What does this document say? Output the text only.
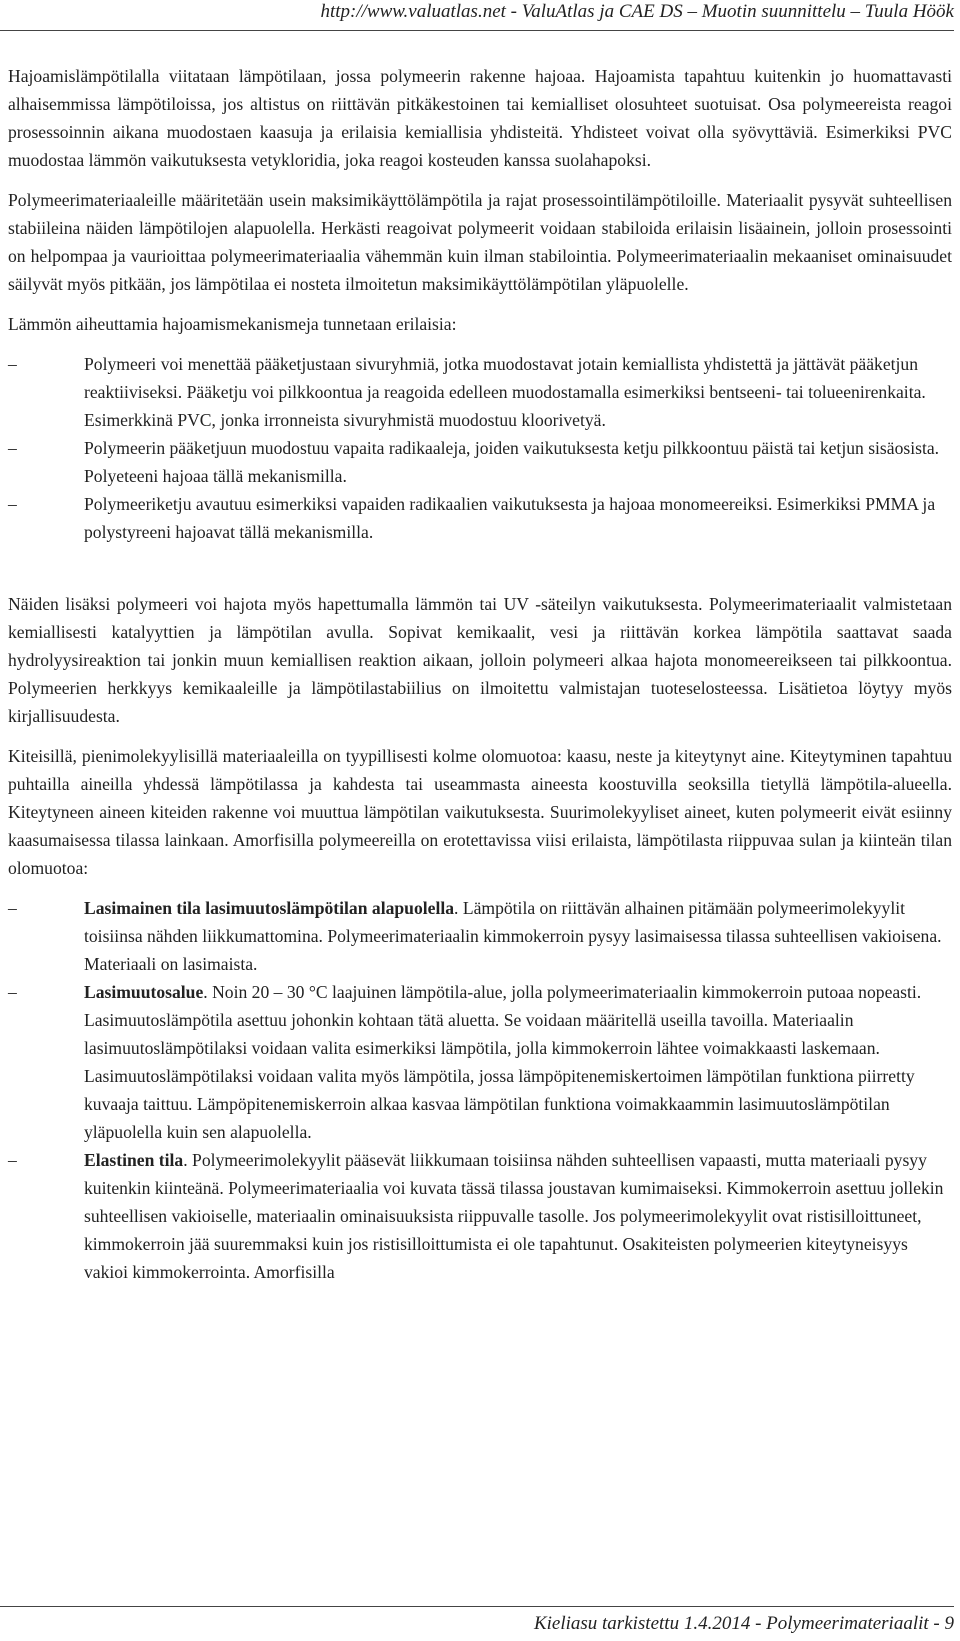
http://www.valuatlas.net - ValuAtlas ja CAE DS – Muotin suunnittelu – Tuula Höök

Hajoamislämpötilalla viitataan lämpötilaan, jossa polymeerin rakenne hajoaa. Hajoamista tapahtuu kuitenkin jo huomattavasti alhaisemmissa lämpötiloissa, jos altistus on riittävän pitkäkestoinen tai kemialliset olosuhteet suotuisat. Osa polymeereista reagoi prosessoinnin aikana muodostaen kaasuja ja erilaisia kemiallisia yhdisteitä. Yhdisteet voivat olla syövyttäviä. Esimerkiksi PVC muodostaa lämmön vaikutuksesta vetykloridia, joka reagoi kosteuden kanssa suolahapoksi.

Polymeerimateriaaleille määritetään usein maksimikäyttölämpötila ja rajat prosessointilämpötiloille. Materiaalit pysyvät suhteellisen stabiileina näiden lämpötilojen alapuolella. Herkästi reagoivat polymeerit voidaan stabiloida erilaisin lisäainein, jolloin prosessointi on helpompaa ja vaurioittaa polymeerimateriaalia vähemmän kuin ilman stabilointia. Polymeerimateriaalin mekaaniset ominaisuudet säilyvät myös pitkään, jos lämpötilaa ei nosteta ilmoitetun maksimikäyttölämpötilan yläpuolelle.

Lämmön aiheuttamia hajoamismekanismeja tunnetaan erilaisia:

– Polymeeri voi menettää pääketjustaan sivuryhmiä, jotka muodostavat jotain kemiallista yhdistettä ja jättävät pääketjun reaktiiviseksi. Pääketju voi pilkkoontua ja reagoida edelleen muodostamalla esimerkiksi bentseeni- tai tolueenirenkaita. Esimerkkinä PVC, jonka irronneista sivuryhmistä muodostuu kloorivetyä.
– Polymeerin pääketjuun muodostuu vapaita radikaaleja, joiden vaikutuksesta ketju pilkkoontuu päistä tai ketjun sisäosista. Polyeteeni hajoaa tällä mekanismilla.
– Polymeeriketju avautuu esimerkiksi vapaiden radikaalien vaikutuksesta ja hajoaa monomeereiksi. Esimerkiksi PMMA ja polystyreeni hajoavat tällä mekanismilla.

Näiden lisäksi polymeeri voi hajota myös hapettumalla lämmön tai UV -säteilyn vaikutuksesta. Polymeerimateriaalit valmistetaan kemiallisesti katalyyttien ja lämpötilan avulla. Sopivat kemikaalit, vesi ja riittävän korkea lämpötila saattavat saada hydrolyysireaktion tai jonkin muun kemiallisen reaktion aikaan, jolloin polymeeri alkaa hajota monomeereikseen tai pilkkoontua. Polymeerien herkkyys kemikaaleille ja lämpötilastabiilius on ilmoitettu valmistajan tuoteselosteessa. Lisätietoa löytyy myös kirjallisuudesta.

Kiteisillä, pienimolekyylisillä materiaaleilla on tyypillisesti kolme olomuotoa: kaasu, neste ja kiteytynyt aine. Kiteytyminen tapahtuu puhtailla aineilla yhdessä lämpötilassa ja kahdesta tai useammasta aineesta koostuvilla seoksilla tietyllä lämpötila-alueella. Kiteytyneen aineen kiteiden rakenne voi muuttua lämpötilan vaikutuksesta. Suurimolekyyliset aineet, kuten polymeerit eivät esiinny kaasumaisessa tilassa lainkaan. Amorfisilla polymeereilla on erotettavissa viisi erilaista, lämpötilasta riippuvaa sulan ja kiinteän tilan olomuotoa:

– Lasimainen tila lasimuutoslämpötilan alapuolella. Lämpötila on riittävän alhainen pitämään polymeerimolekyylit toisiinsa nähden liikkumattomina. Polymeerimateriaalin kimmokerroin pysyy lasimaisessa tilassa suhteellisen vakioisena. Materiaali on lasimaista.
– Lasimuutosalue. Noin 20 – 30 °C laajuinen lämpötila-alue, jolla polymeerimateriaalin kimmokerroin putoaa nopeasti. Lasimuutoslämpötila asettuu johonkin kohtaan tätä aluetta. Se voidaan määritellä useilla tavoilla. Materiaalin lasimuutoslämpötilaksi voidaan valita esimerkiksi lämpötila, jolla kimmokerroin lähtee voimakkaasti laskemaan. Lasimuutoslämpötilaksi voidaan valita myös lämpötila, jossa lämpöpitenemiskertoimen lämpötilan funktiona piirretty kuvaaja taittuu. Lämpöpitenemiskerroin alkaa kasvaa lämpötilan funktiona voimakkaammin lasimuutoslämpötilan yläpuolella kuin sen alapuolella.
– Elastinen tila. Polymeerimolekyylit pääsevät liikkumaan toisiinsa nähden suhteellisen vapaasti, mutta materiaali pysyy kuitenkin kiinteänä. Polymeerimateriaalia voi kuvata tässä tilassa joustavan kumimaiseksi. Kimmokerroin asettuu jollekin suhteellisen vakioiselle, materiaalin ominaisuuksista riippuvalle tasolle. Jos polymeerimolekyylit ovat ristisilloittuneet, kimmokerroin jää suuremmaksi kuin jos ristisilloittumista ei ole tapahtunut. Osakiteisten polymeerien kiteytyneisyys vakioi kimmokerrointa. Amorfisilla
Kieliasu tarkistettu 1.4.2014 - Polymeerimateriaalit - 9
